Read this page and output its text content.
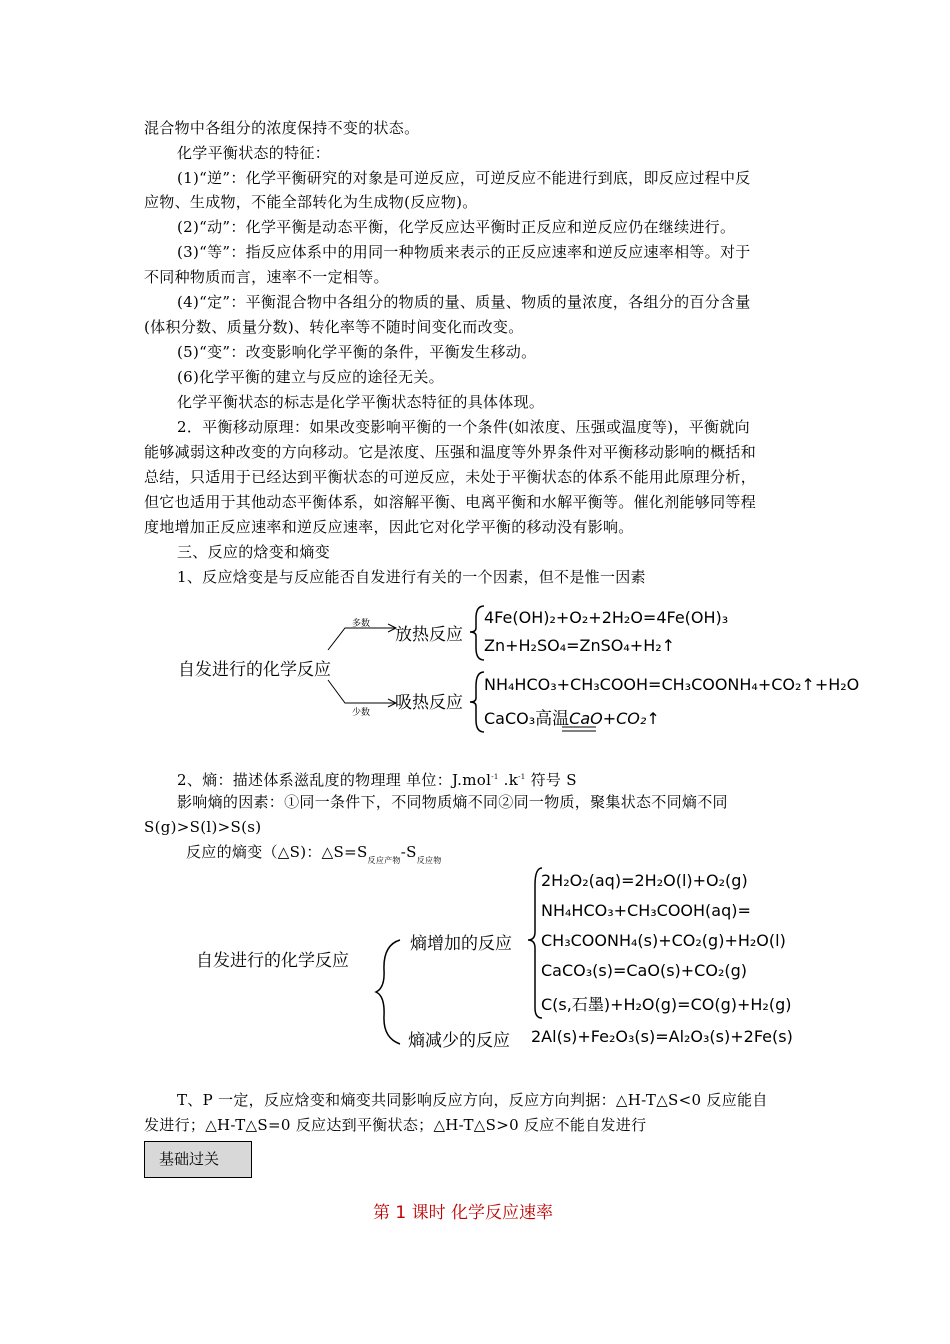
混合物中各组分的浓度保持不变的状态。
化学平衡状态的特征：
(1)“逆”：化学平衡研究的对象是可逆反应，可逆反应不能进行到底，即反应过程中反
应物、生成物，不能全部转化为生成物(反应物)。
(2)“动”：化学平衡是动态平衡，化学反应达平衡时正反应和逆反应仍在继续进行。
(3)“等”：指反应体系中的用同一种物质来表示的正反应速率和逆反应速率相等。对于
不同种物质而言，速率不一定相等。
(4)“定”：平衡混合物中各组分的物质的量、质量、物质的量浓度，各组分的百分含量
(体积分数、质量分数)、转化率等不随时间变化而改变。
(5)“变”：改变影响化学平衡的条件，平衡发生移动。
(6)化学平衡的建立与反应的途径无关。
化学平衡状态的标志是化学平衡状态特征的具体体现。
2．平衡移动原理：如果改变影响平衡的一个条件(如浓度、压强或温度等)，平衡就向
能够减弱这种改变的方向移动。它是浓度、压强和温度等外界条件对平衡移动影响的概括和
总结，只适用于已经达到平衡状态的可逆反应，未处于平衡状态的体系不能用此原理分析，
但它也适用于其他动态平衡体系，如溶解平衡、电离平衡和水解平衡等。催化剂能够同等程
度地增加正反应速率和逆反应速率，因此它对化学平衡的移动没有影响。
三、反应的焓变和熵变
1、反应焓变是与反应能否自发进行有关的一个因素，但不是惟一因素
自发进行的化学反应
多数
少数
放热反应
吸热反应
4Fe(OH)₂+O₂+2H₂O=4Fe(OH)₃
Zn+H₂SO₄=ZnSO₄+H₂↑
NH₄HCO₃+CH₃COOH=CH₃COONH₄+CO₂↑+H₂O
CaCO₃高温CaO+CO₂↑
2、熵：描述体系滋乱度的物理理 单位：J.mol$^{-1}$ $.k^{-1}$ 符号 S
影响熵的因素：①同一条件下，不同物质熵不同②同一物质，聚集状态不同熵不同
S(g)>S(l)>S(s)
反应的熵变（△S)：$\triangle S=S_{反应产物}-S_{反应物}$
自发进行的化学反应
熵增加的反应
熵减少的反应
2H₂O₂(aq)=2H₂O(l)+O₂(g)
NH₄HCO₃+CH₃COOH(aq)=
CH₃COONH₄(s)+CO₂(g)+H₂O(l)
CaCO₃(s)=CaO(s)+CO₂(g)
C(s,石墨)+H₂O(g)=CO(g)+H₂(g)
2Al(s)+Fe₂O₃(s)=Al₂O₃(s)+2Fe(s)
T、P 一定，反应焓变和熵变共同影响反应方向，反应方向判据：△H-T△S<0 反应能自
发进行；△H-T△S=0 反应达到平衡状态；△H-T△S>0 反应不能自发进行
基础过关
第 1 课时 化学反应速率
